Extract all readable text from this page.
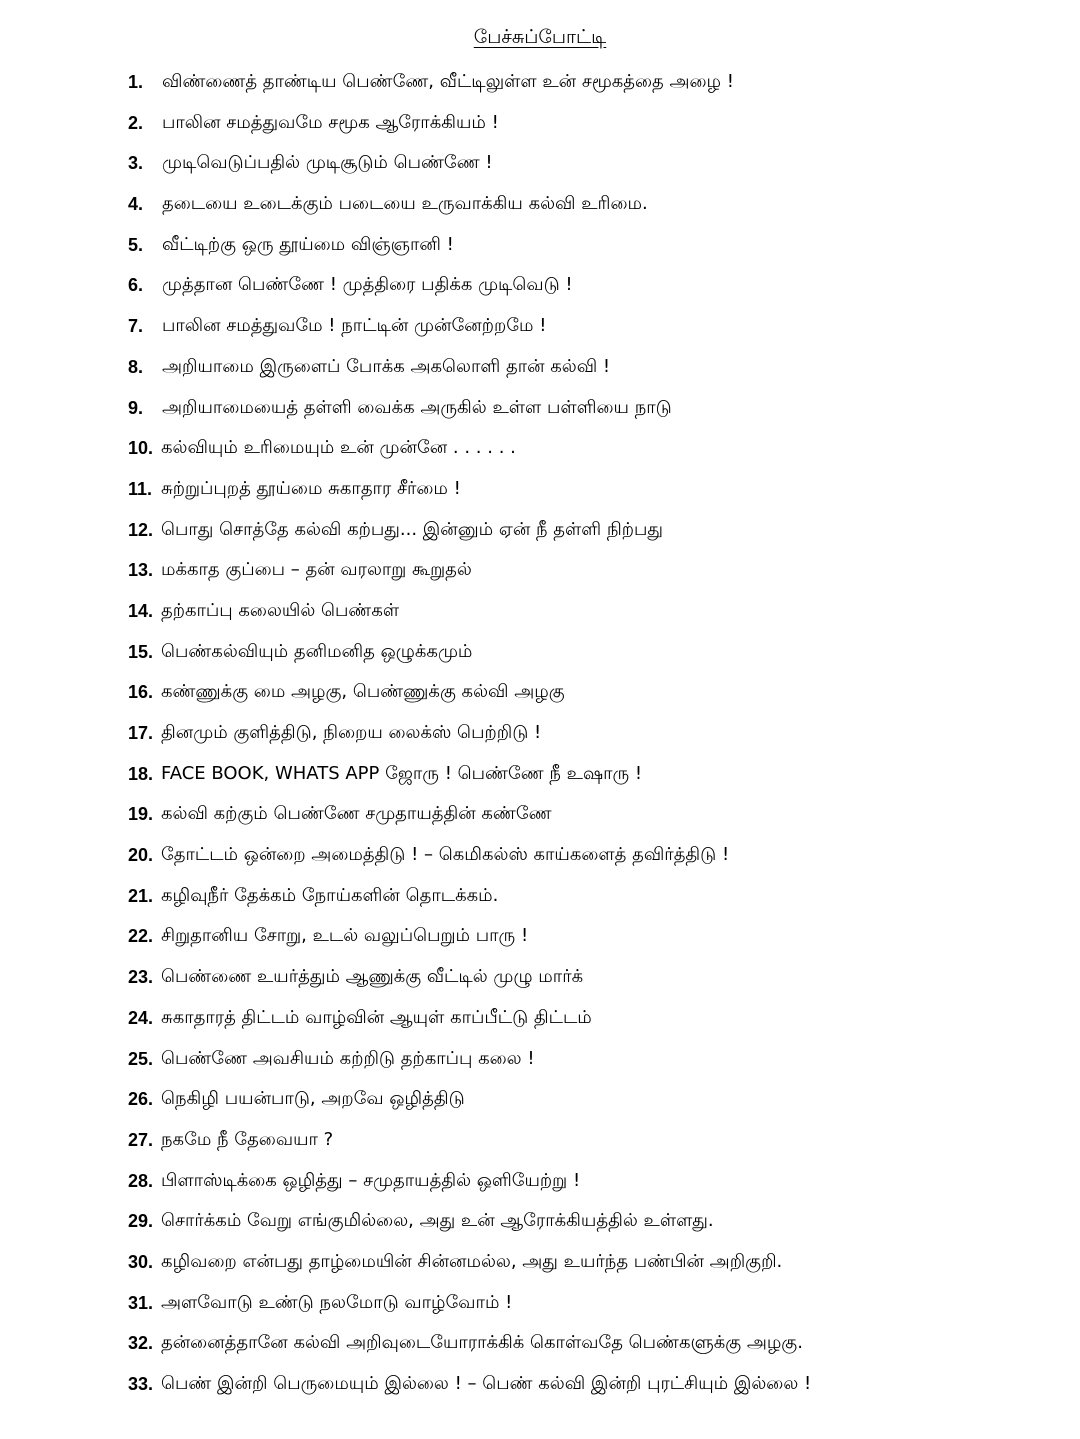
பேச்சுப்போட்டி
1.	விண்ணைத் தாண்டிய பெண்ணே, வீட்டிலுள்ள உன் சமூகத்தை அழை !
2.	பாலின சமத்துவமே சமூக ஆரோக்கியம் !
3.	முடிவெடுப்பதில் முடிசூடும் பெண்ணே !
4.	தடையை உடைக்கும் படையை உருவாக்கிய கல்வி உரிமை.
5.	வீட்டிற்கு ஒரு தூய்மை விஞ்ஞானி !
6.	முத்தான பெண்ணே ! முத்திரை பதிக்க முடிவெடு !
7.	பாலின சமத்துவமே ! நாட்டின் முன்னேற்றமே !
8.	அறியாமை இருளைப் போக்க அகலொளி தான் கல்வி !
9.	அறியாமையைத் தள்ளி வைக்க அருகில் உள்ள பள்ளியை நாடு
10. கல்வியும் உரிமையும் உன் முன்னே . . . . . .
11. சுற்றுப்புறத் தூய்மை சுகாதார சீர்மை !
12. பொது சொத்தே கல்வி கற்பது... இன்னும் ஏன் நீ தள்ளி நிற்பது
13. மக்காத குப்பை – தன் வரலாறு கூறுதல்
14. தற்காப்பு கலையில் பெண்கள்
15. பெண்கல்வியும் தனிமனித ஒழுக்கமும்
16. கண்ணுக்கு மை அழகு, பெண்ணுக்கு கல்வி அழகு
17. தினமும் குளித்திடு, நிறைய லைக்ஸ் பெற்றிடு !
18. FACE BOOK, WHATS APP ஜோரு ! பெண்ணே நீ உஷாரு !
19. கல்வி கற்கும் பெண்ணே சமுதாயத்தின் கண்ணே
20. தோட்டம் ஒன்றை அமைத்திடு ! – கெமிகல்ஸ் காய்களைத் தவிர்த்திடு !
21. கழிவுநீர் தேக்கம் நோய்களின் தொடக்கம்.
22. சிறுதானிய சோறு, உடல் வலுப்பெறும் பாரு !
23. பெண்ணை உயர்த்தும் ஆணுக்கு வீட்டில் முழு மார்க்
24. சுகாதாரத் திட்டம் வாழ்வின் ஆயுள் காப்பீட்டு திட்டம்
25. பெண்ணே அவசியம் கற்றிடு தற்காப்பு கலை !
26. நெகிழி பயன்பாடு, அறவே ஒழித்திடு
27. நகமே நீ தேவையா ?
28. பிளாஸ்டிக்கை ஒழித்து – சமுதாயத்தில் ஒளியேற்று !
29. சொர்க்கம் வேறு எங்குமில்லை, அது உன் ஆரோக்கியத்தில் உள்ளது.
30. கழிவறை என்பது தாழ்மையின் சின்னமல்ல, அது உயர்ந்த பண்பின் அறிகுறி.
31. அளவோடு உண்டு நலமோடு வாழ்வோம் !
32. தன்னைத்தானே கல்வி அறிவுடையோராக்கிக் கொள்வதே பெண்களுக்கு அழகு.
33. பெண் இன்றி பெருமையும் இல்லை ! – பெண் கல்வி இன்றி புரட்சியும் இல்லை !
